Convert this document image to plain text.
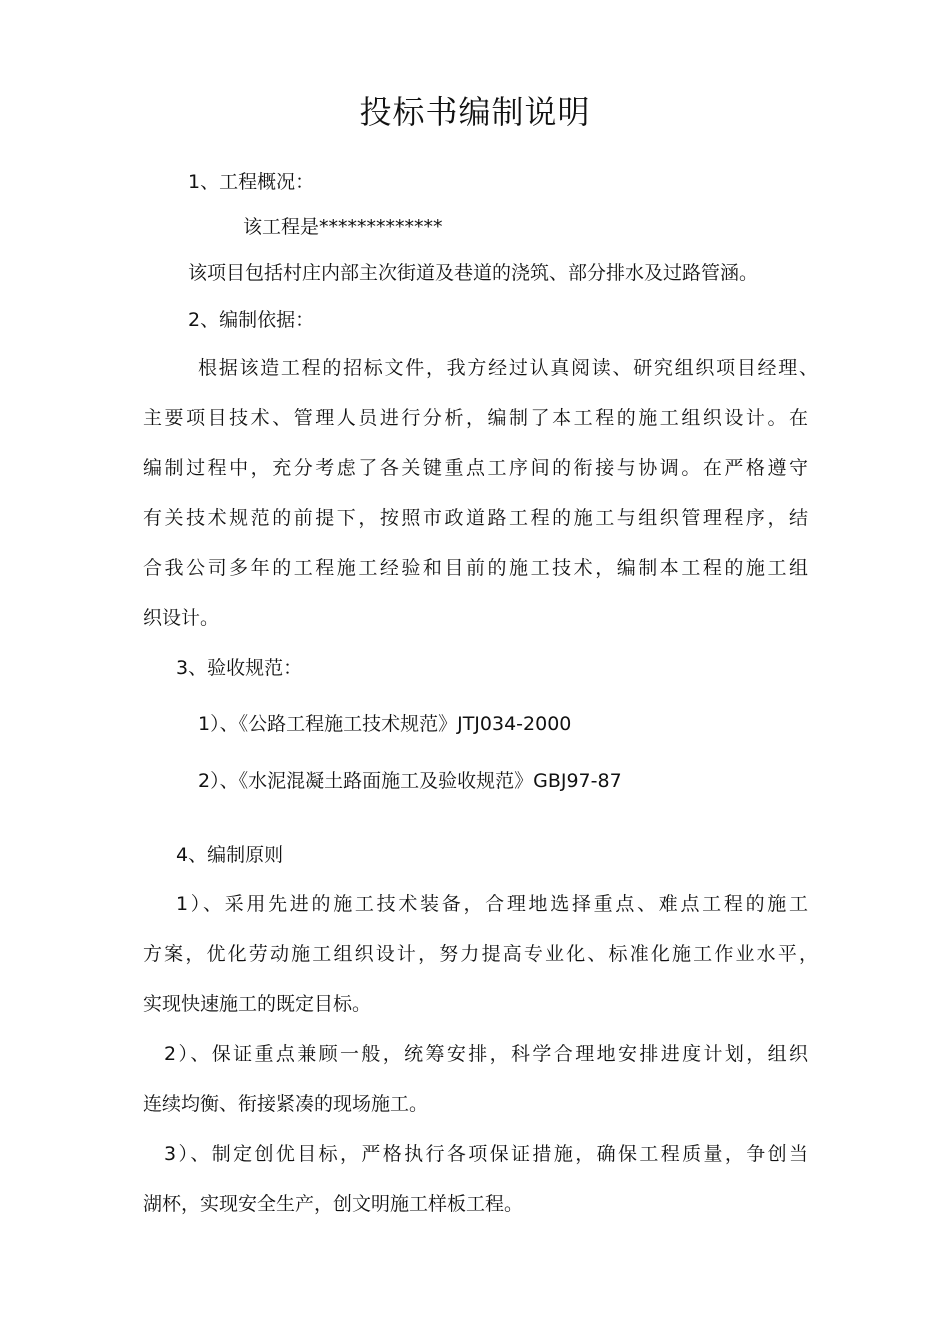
投标书编制说明
1、工程概况：
该工程是*************
该项目包括村庄内部主次街道及巷道的浇筑、部分排水及过路管涵。
2、编制依据：
根据该造工程的招标文件，我方经过认真阅读、研究组织项目经理、
主要项目技术、管理人员进行分析，编制了本工程的施工组织设计。在
编制过程中，充分考虑了各关键重点工序间的衔接与协调。在严格遵守
有关技术规范的前提下，按照市政道路工程的施工与组织管理程序，结
合我公司多年的工程施工经验和目前的施工技术，编制本工程的施工组
织设计。
3、验收规范：
1）、《公路工程施工技术规范》JTJ034-2000
2）、《水泥混凝土路面施工及验收规范》GBJ97-87
4、编制原则
1）、采用先进的施工技术装备，合理地选择重点、难点工程的施工
方案，优化劳动施工组织设计，努力提高专业化、标准化施工作业水平，
实现快速施工的既定目标。
2）、保证重点兼顾一般，统筹安排，科学合理地安排进度计划，组织
连续均衡、衔接紧凑的现场施工。
3）、制定创优目标，严格执行各项保证措施，确保工程质量，争创当
湖杯，实现安全生产，创文明施工样板工程。
